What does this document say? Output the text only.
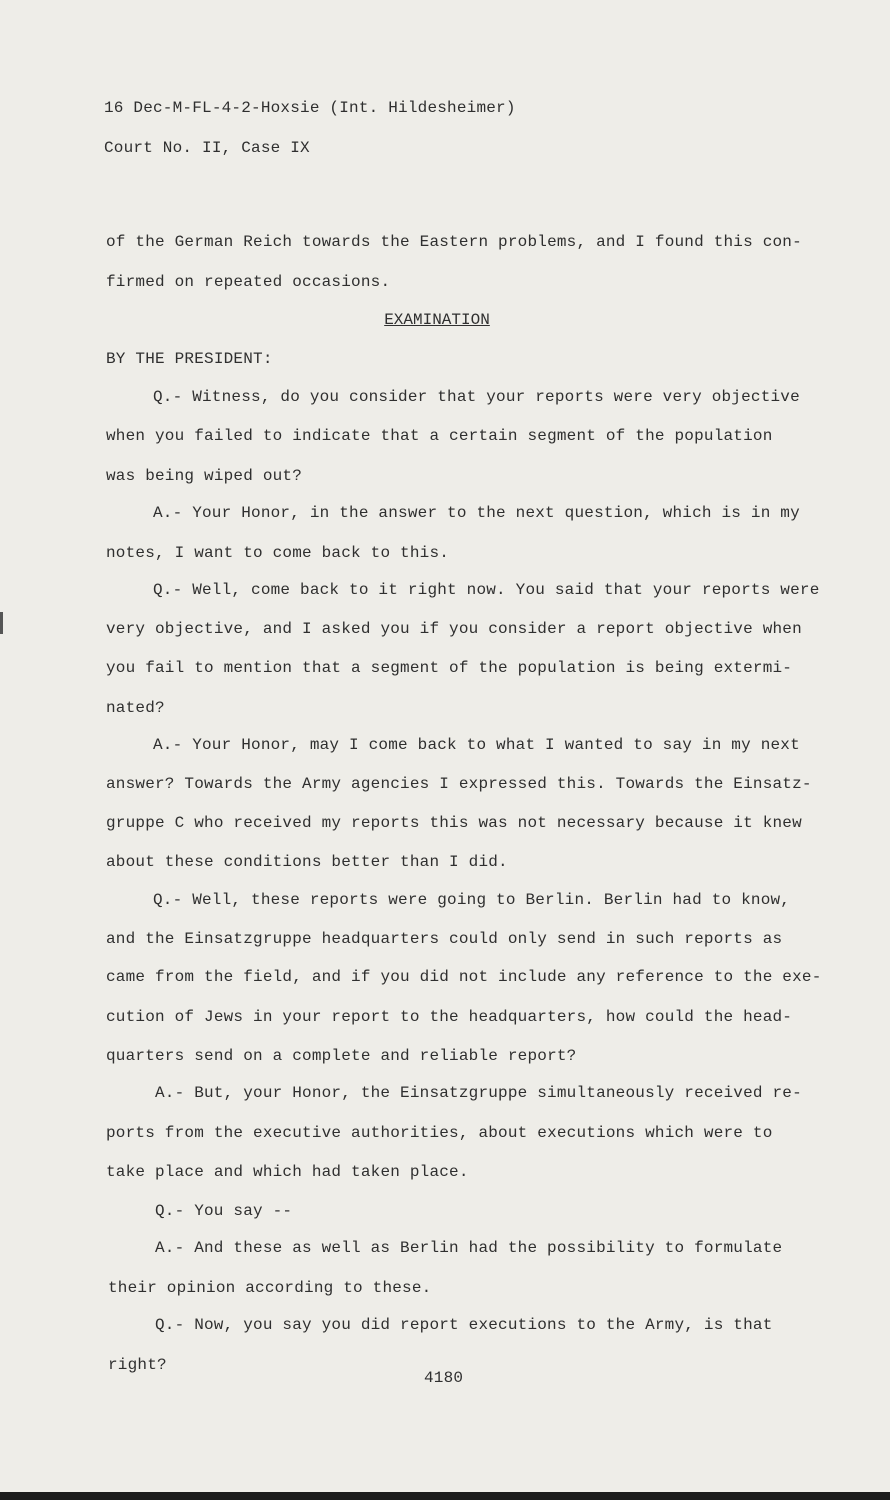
16 Dec-M-FL-4-2-Hoxsie (Int. Hildesheimer)
Court No. II, Case IX
of the German Reich towards the Eastern problems, and I found this con-
firmed on repeated occasions.
EXAMINATION
BY THE PRESIDENT:
Q.- Witness, do you consider that your reports were very objective
when you failed to indicate that a certain segment of the population
was being wiped out?
A.- Your Honor, in the answer to the next question, which is in my
notes, I want to come back to this.
Q.- Well, come back to it right now. You said that your reports were
very objective, and I asked you if you consider a report objective when
you fail to mention that a segment of the population is being extermi-
nated?
A.- Your Honor, may I come back to what I wanted to say in my next
answer? Towards the Army agencies I expressed this. Towards the Einsatz-
gruppe C who received my reports this was not necessary because it knew
about these conditions better than I did.
Q.- Well, these reports were going to Berlin. Berlin had to know,
and the Einsatzgruppe headquarters could only send in such reports as
came from the field, and if you did not include any reference to the exe-
cution of Jews in your report to the headquarters, how could the head-
quarters send on a complete and reliable report?
A.- But, your Honor, the Einsatzgruppe simultaneously received re-
ports from the executive authorities, about executions which were to
take place and which had taken place.
Q.- You say --
A.- And these as well as Berlin had the possibility to formulate
their opinion according to these.
Q.- Now, you say you did report executions to the Army, is that
right?
4180
